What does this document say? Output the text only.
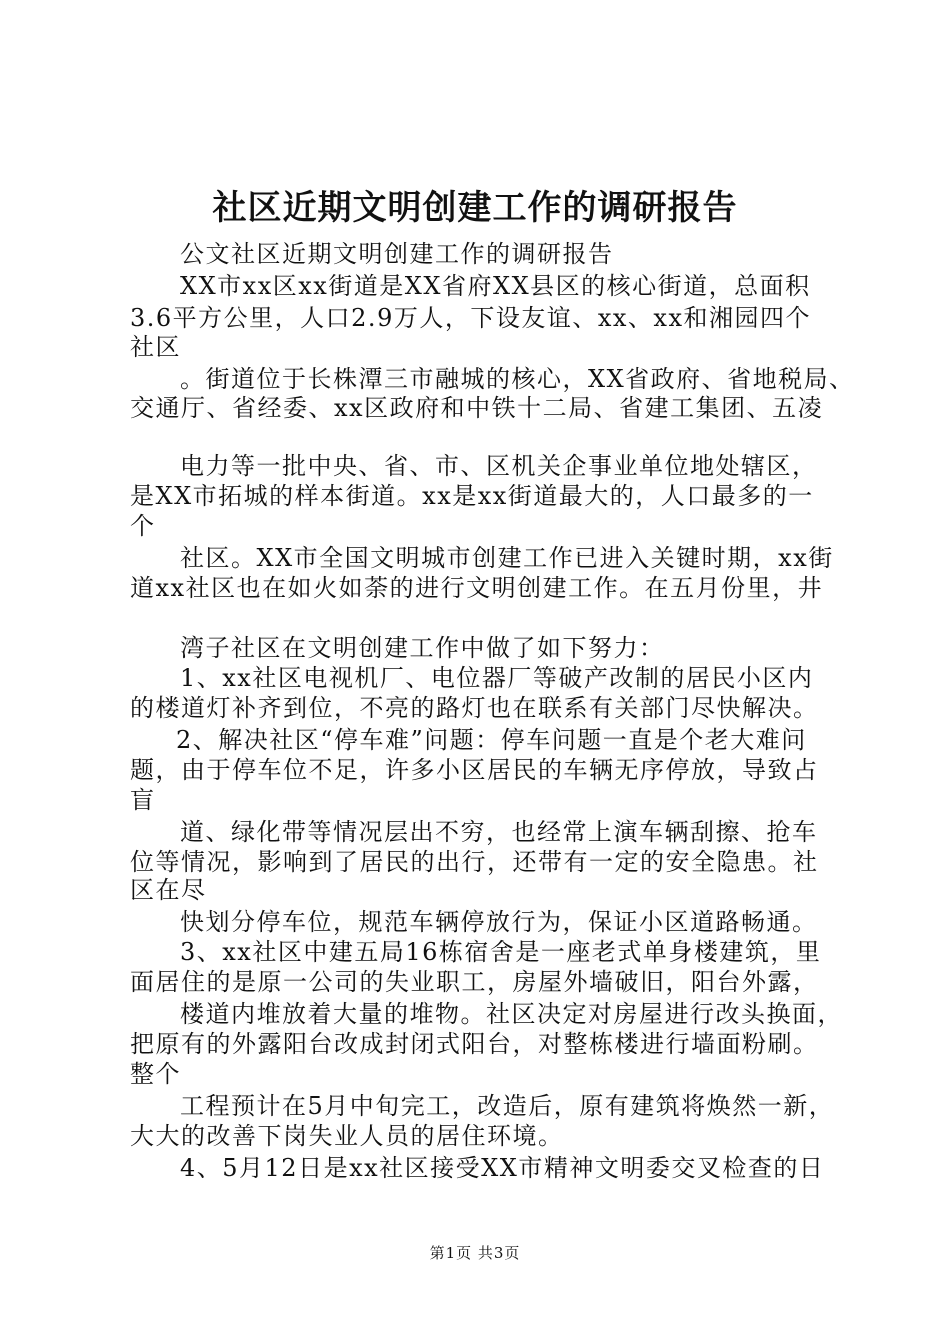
社区近期文明创建工作的调研报告
公文社区近期文明创建工作的调研报告
XX市xx区xx街道是XX省府XX县区的核心街道，总面积
3.6平方公里，人口2.9万人，下设友谊、xx、xx和湘园四个
社区
。街道位于长株潭三市融城的核心，XX省政府、省地税局、
交通厅、省经委、xx区政府和中铁十二局、省建工集团、五凌
电力等一批中央、省、市、区机关企事业单位地处辖区，
是XX市拓城的样本街道。xx是xx街道最大的，人口最多的一
个
社区。XX市全国文明城市创建工作已进入关键时期，xx街
道xx社区也在如火如荼的进行文明创建工作。在五月份里，井
湾子社区在文明创建工作中做了如下努力：
1、xx社区电视机厂、电位器厂等破产改制的居民小区内
的楼道灯补齐到位，不亮的路灯也在联系有关部门尽快解决。
2、解决社区“停车难”问题：停车问题一直是个老大难问
题，由于停车位不足，许多小区居民的车辆无序停放，导致占
盲
道、绿化带等情况层出不穷，也经常上演车辆刮擦、抢车
位等情况，影响到了居民的出行，还带有一定的安全隐患。社
区在尽
快划分停车位，规范车辆停放行为，保证小区道路畅通。
3、xx社区中建五局16栋宿舍是一座老式单身楼建筑，里
面居住的是原一公司的失业职工，房屋外墙破旧，阳台外露，
楼道内堆放着大量的堆物。社区决定对房屋进行改头换面，
把原有的外露阳台改成封闭式阳台，对整栋楼进行墙面粉刷。
整个
工程预计在5月中旬完工，改造后，原有建筑将焕然一新，
大大的改善下岗失业人员的居住环境。
4、5月12日是xx社区接受XX市精神文明委交叉检查的日
第1页 共3页
